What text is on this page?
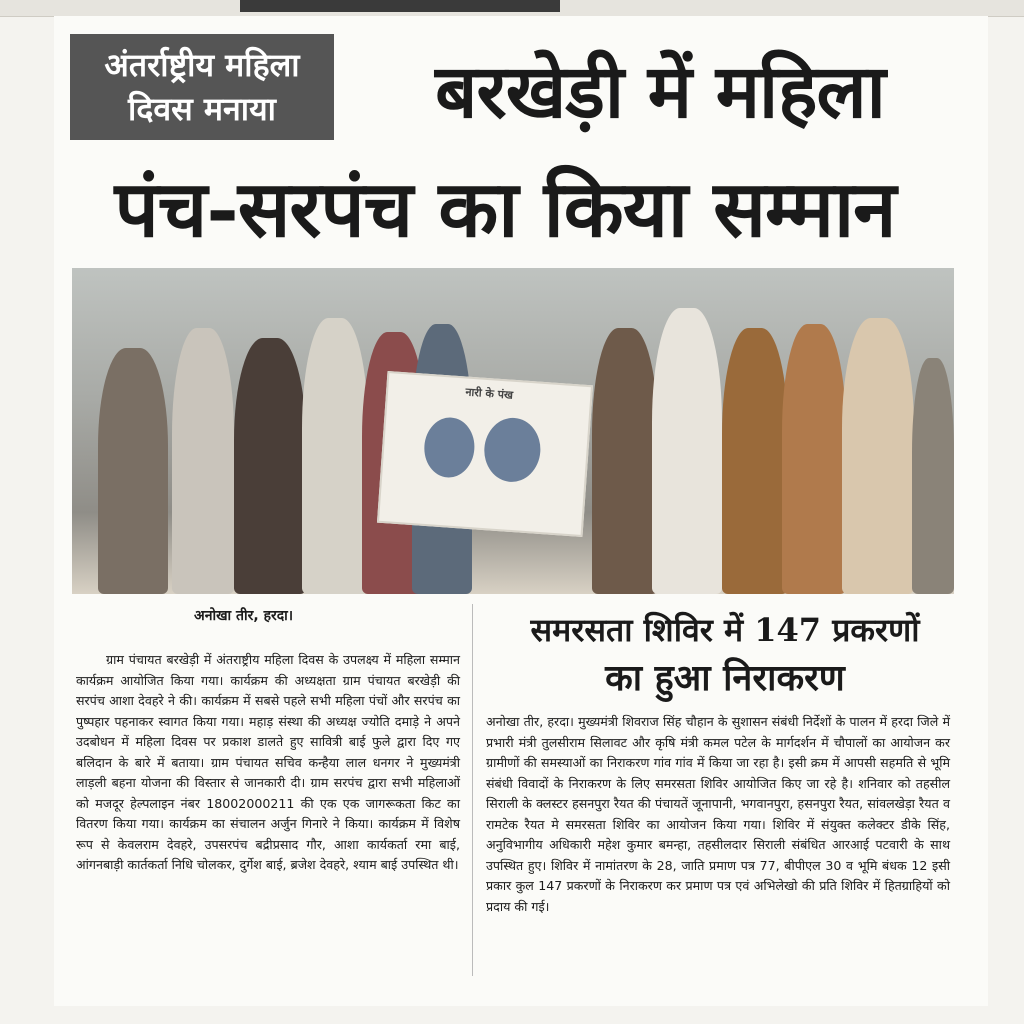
अंतर्राष्ट्रीय महिला
दिवस मनाया	बरखेड़ी में महिला
पंच-सरपंच का किया सम्मान
नारी के पंख
अनोखा तीर, हरदा।
ग्राम पंचायत बरखेड़ी में अंतराष्ट्रीय महिला दिवस के उपलक्ष्य में महिला सम्मान कार्यक्रम आयोजित किया गया। कार्यक्रम की अध्यक्षता ग्राम पंचायत बरखेड़ी की सरपंच आशा देवहरे ने की। कार्यक्रम में सबसे पहले सभी महिला पंचों और सरपंच का पुष्पहार पहनाकर स्वागत किया गया। महाड़ संस्था की अध्यक्ष ज्योति दमाड़े ने अपने उदबोधन में महिला दिवस पर प्रकाश डालते हुए सावित्री बाई फुले द्वारा दिए गए बलिदान के बारे में बताया। ग्राम पंचायत सचिव कन्हैया लाल धनगर ने मुख्यमंत्री लाड़ली बहना योजना की विस्तार से जानकारी दी। ग्राम सरपंच द्वारा सभी महिलाओं को मजदूर हेल्पलाइन नंबर 18002000211 की एक एक जागरूकता किट का वितरण किया गया। कार्यक्रम का संचालन अर्जुन गिनारे ने किया। कार्यक्रम में विशेष रूप से केवलराम देवहरे, उपसरपंच बद्रीप्रसाद गौर, आशा कार्यकर्ता रमा बाई, आंगनबाड़ी कार्तकर्ता निधि चोलकर, दुर्गेश बाई, ब्रजेश देवहरे, श्याम बाई उपस्थित थी।
समरसता शिविर में 147 प्रकरणों
का हुआ निराकरण
अनोखा तीर, हरदा। मुख्यमंत्री शिवराज सिंह चौहान के सुशासन संबंधी निर्देशों के पालन में हरदा जिले में प्रभारी मंत्री तुलसीराम सिलावट और कृषि मंत्री कमल पटेल के मार्गदर्शन में चौपालों का आयोजन कर ग्रामीणों की समस्याओं का निराकरण गांव गांव में किया जा रहा है। इसी क्रम में आपसी सहमति से भूमि संबंधी विवादों के निराकरण के लिए समरसता शिविर आयोजित किए जा रहे है। शनिवार को तहसील सिराली के क्लस्टर हसनपुरा रैयत की पंचायतें जूनापानी, भगवानपुरा, हसनपुरा रैयत, सांवलखेड़ा रैयत व रामटेक रैयत मे समरसता शिविर का आयोजन किया गया। शिविर में संयुक्त कलेक्टर डीके सिंह, अनुविभागीय अधिकारी महेश कुमार बमन्हा, तहसीलदार सिराली संबंधित आरआई पटवारी के साथ उपस्थित हुए। शिविर में नामांतरण के 28, जाति प्रमाण पत्र 77, बीपीएल 30 व भूमि बंधक 12 इसी प्रकार कुल 147 प्रकरणों के निराकरण कर प्रमाण पत्र एवं अभिलेखो की प्रति शिविर में हितग्राहियों को प्रदाय की गई।
